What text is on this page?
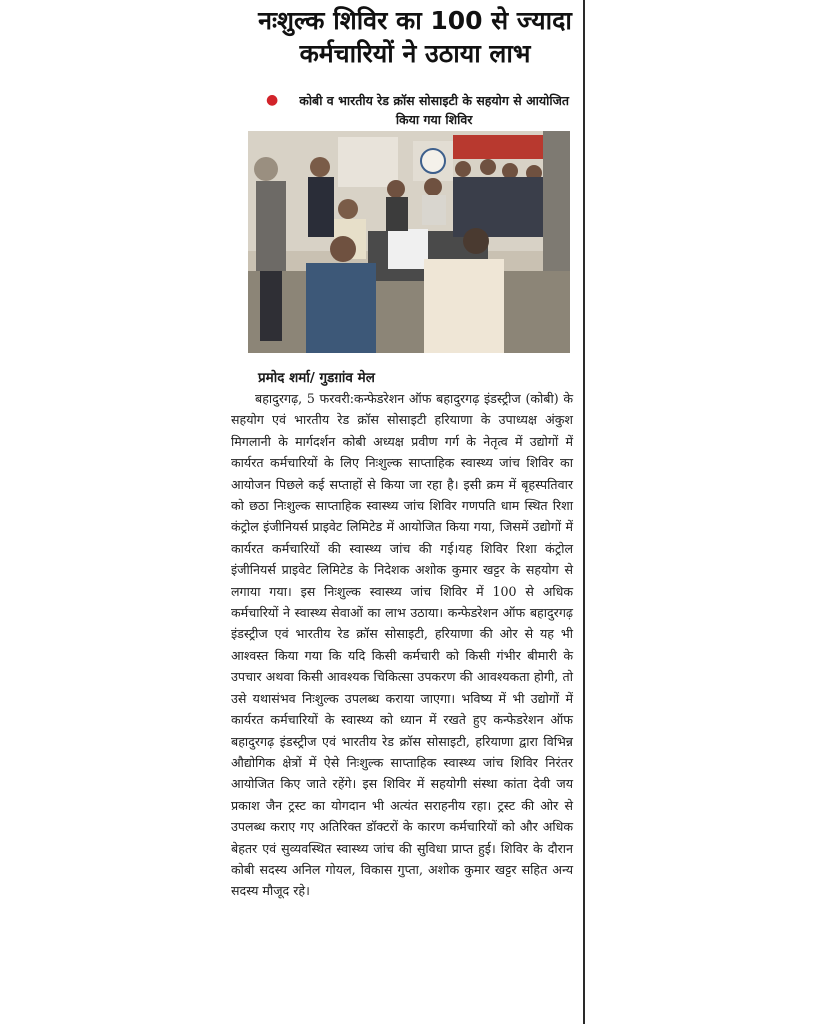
नःशुल्क शिविर का 100 से ज्यादा
कर्मचारियों ने उठाया लाभ
●	कोबी व भारतीय रेड क्रॉस सोसाइटी के सहयोग से आयोजित किया गया शिविर
प्रमोद शर्मा/ गुडग़ांव मेल

बहादुरगढ़, 5 फरवरी:कन्फेडरेशन ऑफ बहादुरगढ़ इंडस्ट्रीज (कोबी) के सहयोग एवं भारतीय रेड क्रॉस सोसाइटी हरियाणा के उपाध्यक्ष अंकुश मिगलानी के मार्गदर्शन कोबी अध्यक्ष प्रवीण गर्ग के नेतृत्व में उद्योगों में कार्यरत कर्मचारियों के लिए निःशुल्क साप्ताहिक स्वास्थ्य जांच शिविर का आयोजन पिछले कई सप्ताहों से किया जा रहा है। इसी क्रम में बृहस्पतिवार को छठा निःशुल्क साप्ताहिक स्वास्थ्य जांच शिविर गणपति धाम स्थित रिशा कंट्रोल इंजीनियर्स प्राइवेट लिमिटेड में आयोजित किया गया, जिसमें उद्योगों में कार्यरत कर्मचारियों की स्वास्थ्य जांच की गई।यह शिविर रिशा कंट्रोल इंजीनियर्स प्राइवेट लिमिटेड के निदेशक अशोक कुमार खट्टर के सहयोग से लगाया गया। इस निःशुल्क स्वास्थ्य जांच शिविर में 100 से अधिक कर्मचारियों ने स्वास्थ्य सेवाओं का लाभ उठाया। कन्फेडरेशन ऑफ बहादुरगढ़ इंडस्ट्रीज एवं भारतीय रेड क्रॉस सोसाइटी, हरियाणा की ओर से यह भी आश्वस्त किया गया कि यदि किसी कर्मचारी को किसी गंभीर बीमारी के उपचार अथवा किसी आवश्यक चिकित्सा उपकरण की आवश्यकता होगी, तो उसे यथासंभव निःशुल्क उपलब्ध कराया जाएगा। भविष्य में भी उद्योगों में कार्यरत कर्मचारियों के स्वास्थ्य को ध्यान में रखते हुए कन्फेडरेशन ऑफ बहादुरगढ़ इंडस्ट्रीज एवं भारतीय रेड क्रॉस सोसाइटी, हरियाणा द्वारा विभिन्न औद्योगिक क्षेत्रों में ऐसे निःशुल्क साप्ताहिक स्वास्थ्य जांच शिविर निरंतर आयोजित किए जाते रहेंगे। इस शिविर में सहयोगी संस्था कांता देवी जय प्रकाश जैन ट्रस्ट का योगदान भी अत्यंत सराहनीय रहा। ट्रस्ट की ओर से उपलब्ध कराए गए अतिरिक्त डॉक्टरों के कारण कर्मचारियों को और अधिक बेहतर एवं सुव्यवस्थित स्वास्थ्य जांच की सुविधा प्राप्त हुई। शिविर के दौरान कोबी सदस्य अनिल गोयल, विकास गुप्ता, अशोक कुमार खट्टर सहित अन्य सदस्य मौजूद रहे।
